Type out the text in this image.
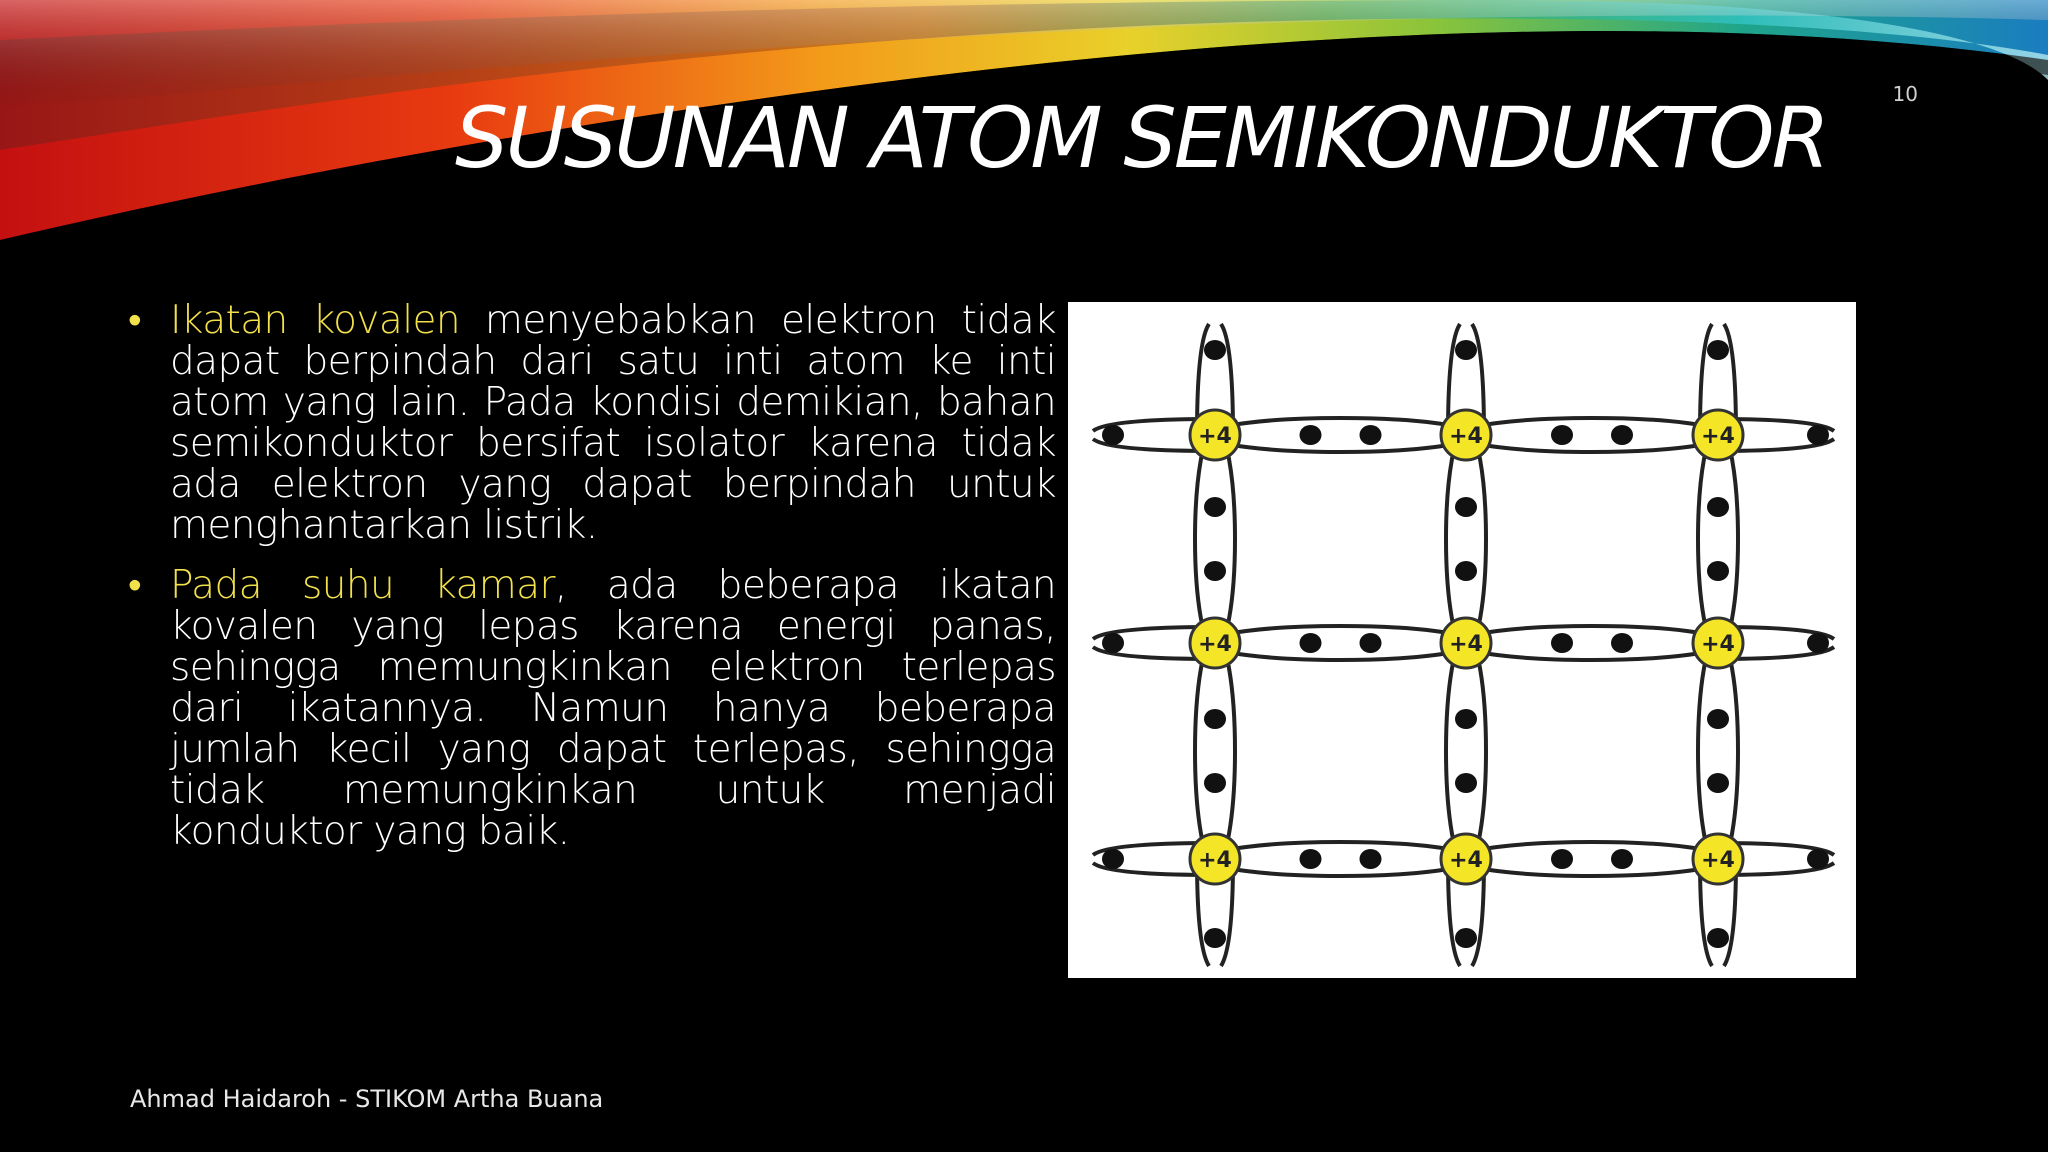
10
SUSUNAN ATOM SEMIKONDUKTOR
• Ikatan kovalen menyebabkan elektron tidak dapat berpindah dari satu inti atom ke inti atom yang lain. Pada kondisi demikian, bahan semikonduktor bersifat isolator karena tidak ada elektron yang dapat berpindah untuk menghantarkan listrik.
• Pada suhu kamar, ada beberapa ikatan kovalen yang lepas karena energi panas, sehingga memungkinkan elektron terlepas dari ikatannya. Namun hanya beberapa jumlah kecil yang dapat terlepas, sehingga tidak memungkinkan untuk menjadi konduktor yang baik.
+4	+4	+4
+4	+4	+4
+4	+4	+4
Ahmad Haidaroh - STIKOM Artha Buana
